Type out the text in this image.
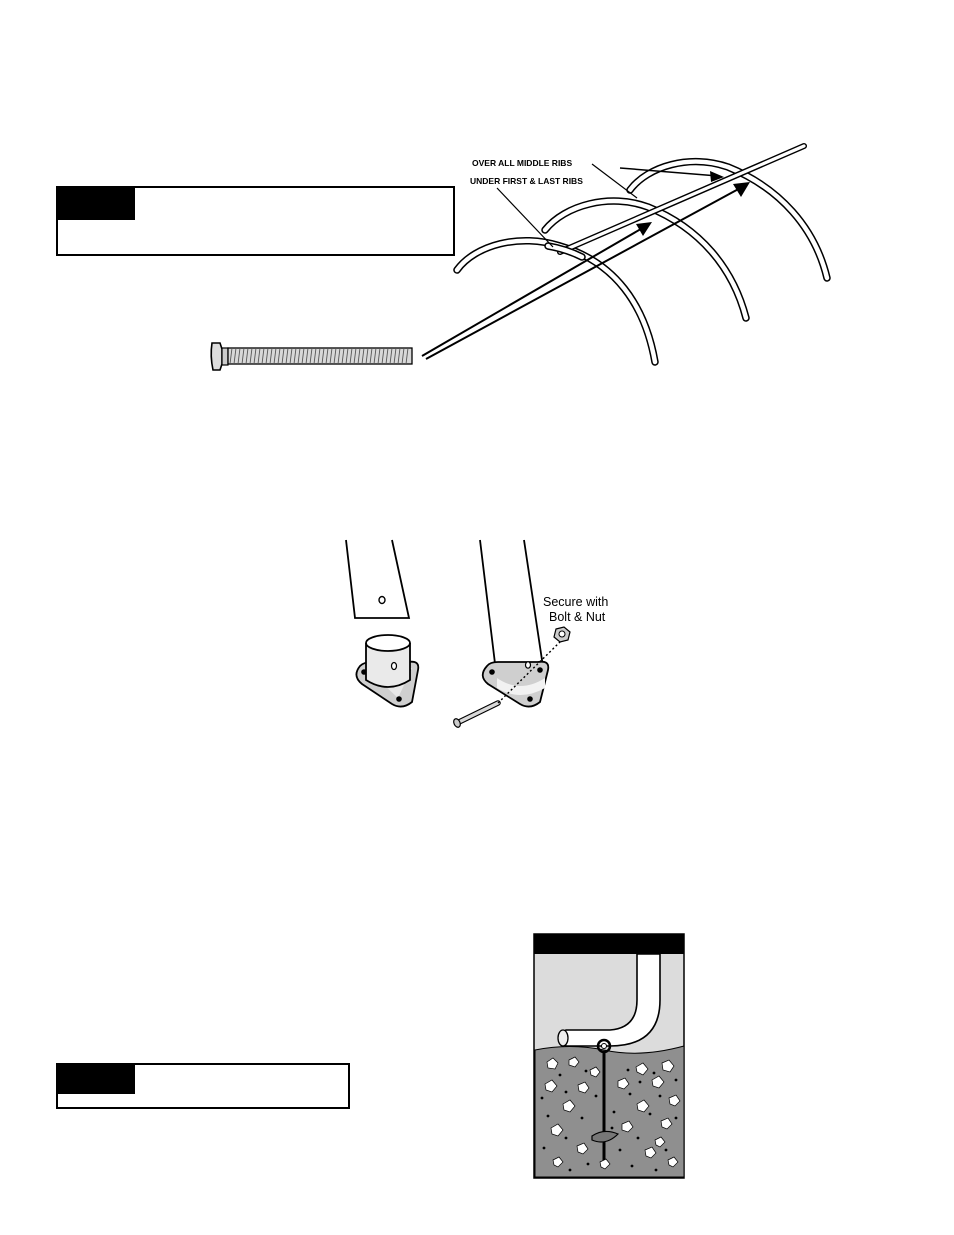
OVER ALL MIDDLE RIBS
UNDER FIRST & LAST RIBS
Secure with
Bolt & Nut
